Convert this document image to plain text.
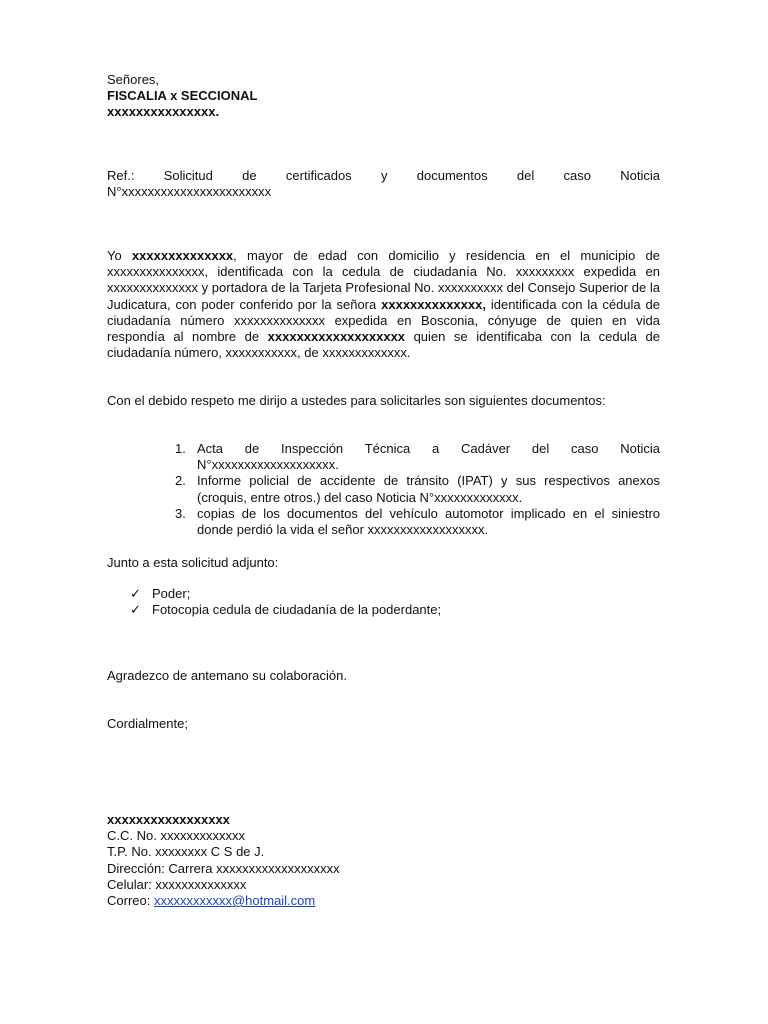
Señores,
FISCALIA x SECCIONAL
xxxxxxxxxxxxxxx.
Ref.: Solicitud de certificados y documentos del caso Noticia
N°xxxxxxxxxxxxxxxxxxxxxxx
Yo xxxxxxxxxxxxxx, mayor de edad con domicilio y residencia en el municipio de xxxxxxxxxxxxxxx, identificada con la cedula de ciudadanía No. xxxxxxxxx expedida en xxxxxxxxxxxxxx y portadora de la Tarjeta Profesional No. xxxxxxxxxx del Consejo Superior de la Judicatura, con poder conferido por la señora xxxxxxxxxxxxxx, identificada con la cédula de ciudadanía número xxxxxxxxxxxxxx expedida en Bosconia, cónyuge de quien en vida respondía al nombre de xxxxxxxxxxxxxxxxxxx quien se identificaba con la cedula de ciudadanía número, xxxxxxxxxxx, de xxxxxxxxxxxxx.
Con el debido respeto me dirijo a ustedes para solicitarles son siguientes documentos:
1. Acta de Inspección Técnica a Cadáver del caso Noticia N°xxxxxxxxxxxxxxxxxxx.
2. Informe policial de accidente de tránsito (IPAT) y sus respectivos anexos (croquis, entre otros.) del caso Noticia N°xxxxxxxxxxxxx.
3. copias de los documentos del vehículo automotor implicado en el siniestro donde perdió la vida el señor xxxxxxxxxxxxxxxxxx.
Junto a esta solicitud adjunto:
✓ Poder;
✓ Fotocopia cedula de ciudadanía de la poderdante;
Agradezco de antemano su colaboración.
Cordialmente;
xxxxxxxxxxxxxxxxx
C.C. No. xxxxxxxxxxxxx
T.P. No. xxxxxxxx C S de J.
Dirección: Carrera xxxxxxxxxxxxxxxxxxx
Celular: xxxxxxxxxxxxxx
Correo: xxxxxxxxxxxx@hotmail.com
